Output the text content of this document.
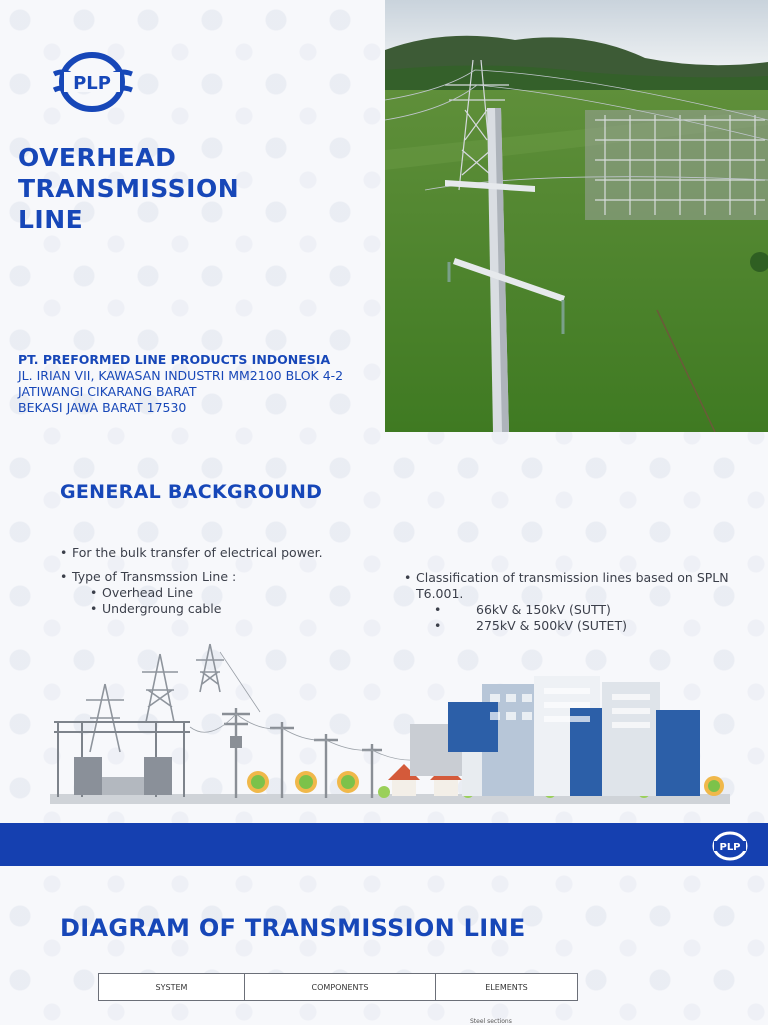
PLP
OVERHEAD
TRANSMISSION
LINE
PT. PREFORMED LINE PRODUCTS INDONESIA
JL. IRIAN VII, KAWASAN INDUSTRI MM2100 BLOK 4-2
JATIWANGI CIKARANG BARAT
BEKASI JAWA BARAT 17530
GENERAL BACKGROUND
• For the bulk transfer of electrical power.
• Type of Transmssion Line :
• Overhead Line
• Undergroung cable
• Classification of transmission lines based on SPLN T6.001.
• 66kV & 150kV (SUTT)
• 275kV & 500kV (SUTET)
PLP
DIAGRAM OF TRANSMISSION LINE
SYSTEM	COMPONENTS	ELEMENTS
Steel sections
